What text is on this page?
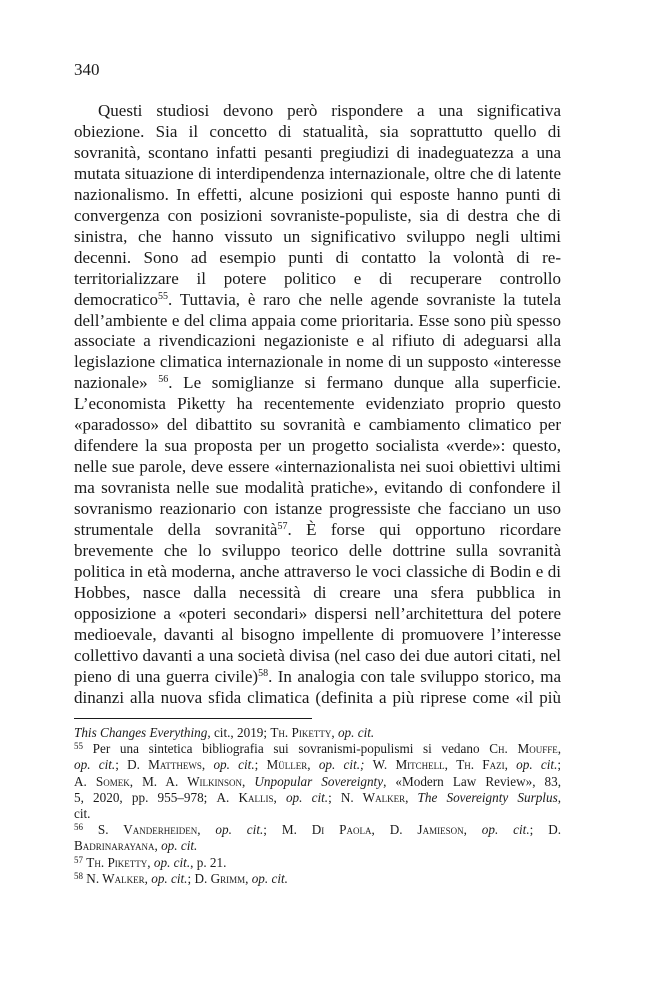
340
Questi studiosi devono però rispondere a una significativa
obiezione. Sia il concetto di statualità, sia soprattutto quello di
sovranità, scontano infatti pesanti pregiudizi di inadeguatezza a una
mutata situazione di interdipendenza internazionale, oltre che di latente
nazionalismo. In effetti, alcune posizioni qui esposte hanno punti di
convergenza con posizioni sovraniste-populiste, sia di destra che di
sinistra, che hanno vissuto un significativo sviluppo negli ultimi
decenni. Sono ad esempio punti di contatto la volontà di re-
territorializzare il potere politico e di recuperare controllo
democratico$^{55}$. Tuttavia, è raro che nelle agende sovraniste la tutela
dell’ambiente e del clima appaia come prioritaria. Esse sono più spesso
associate a rivendicazioni negazioniste e al rifiuto di adeguarsi alla
legislazione climatica internazionale in nome di un supposto «interesse
nazionale» $^{56}$. Le somiglianze si fermano dunque alla superficie.
L’economista Piketty ha recentemente evidenziato proprio questo
«paradosso» del dibattito su sovranità e cambiamento climatico per
difendere la sua proposta per un progetto socialista «verde»: questo,
nelle sue parole, deve essere «internazionalista nei suoi obiettivi ultimi
ma sovranista nelle sue modalità pratiche», evitando di confondere il
sovranismo reazionario con istanze progressiste che facciano un uso
strumentale della sovranità$^{57}$. È forse qui opportuno ricordare
brevemente che lo sviluppo teorico delle dottrine sulla sovranità
politica in età moderna, anche attraverso le voci classiche di Bodin e di
Hobbes, nasce dalla necessità di creare una sfera pubblica in
opposizione a «poteri secondari» dispersi nell’architettura del potere
medioevale, davanti al bisogno impellente di promuovere l’interesse
collettivo davanti a una società divisa (nel caso dei due autori citati, nel
pieno di una guerra civile)$^{58}$. In analogia con tale sviluppo storico, ma
dinanzi alla nuova sfida climatica (definita a più riprese come «il più
This Changes Everything, cit., 2019; Th. Piketty, op. cit.
$^{55}$ Per una sintetica bibliografia sui sovranismi-populismi si vedano Ch. Mouffe,
op. cit.; D. Matthews, op. cit.; Müller, op. cit.; W. Mitchell, Th. Fazi, op. cit.;
A. Somek, M. A. Wilkinson, Unpopular Sovereignty, «Modern Law Review», 83,
5, 2020, pp. 955–978; A. Kallis, op. cit.; N. Walker, The Sovereignty Surplus,
cit.
$^{56}$ S. Vanderheiden, op. cit.; M. Di Paola, D. Jamieson, op. cit.; D.
Badrinarayana, op. cit.
$^{57}$ Th. Piketty, op. cit., p. 21.
$^{58}$ N. Walker, op. cit.; D. Grimm, op. cit.
